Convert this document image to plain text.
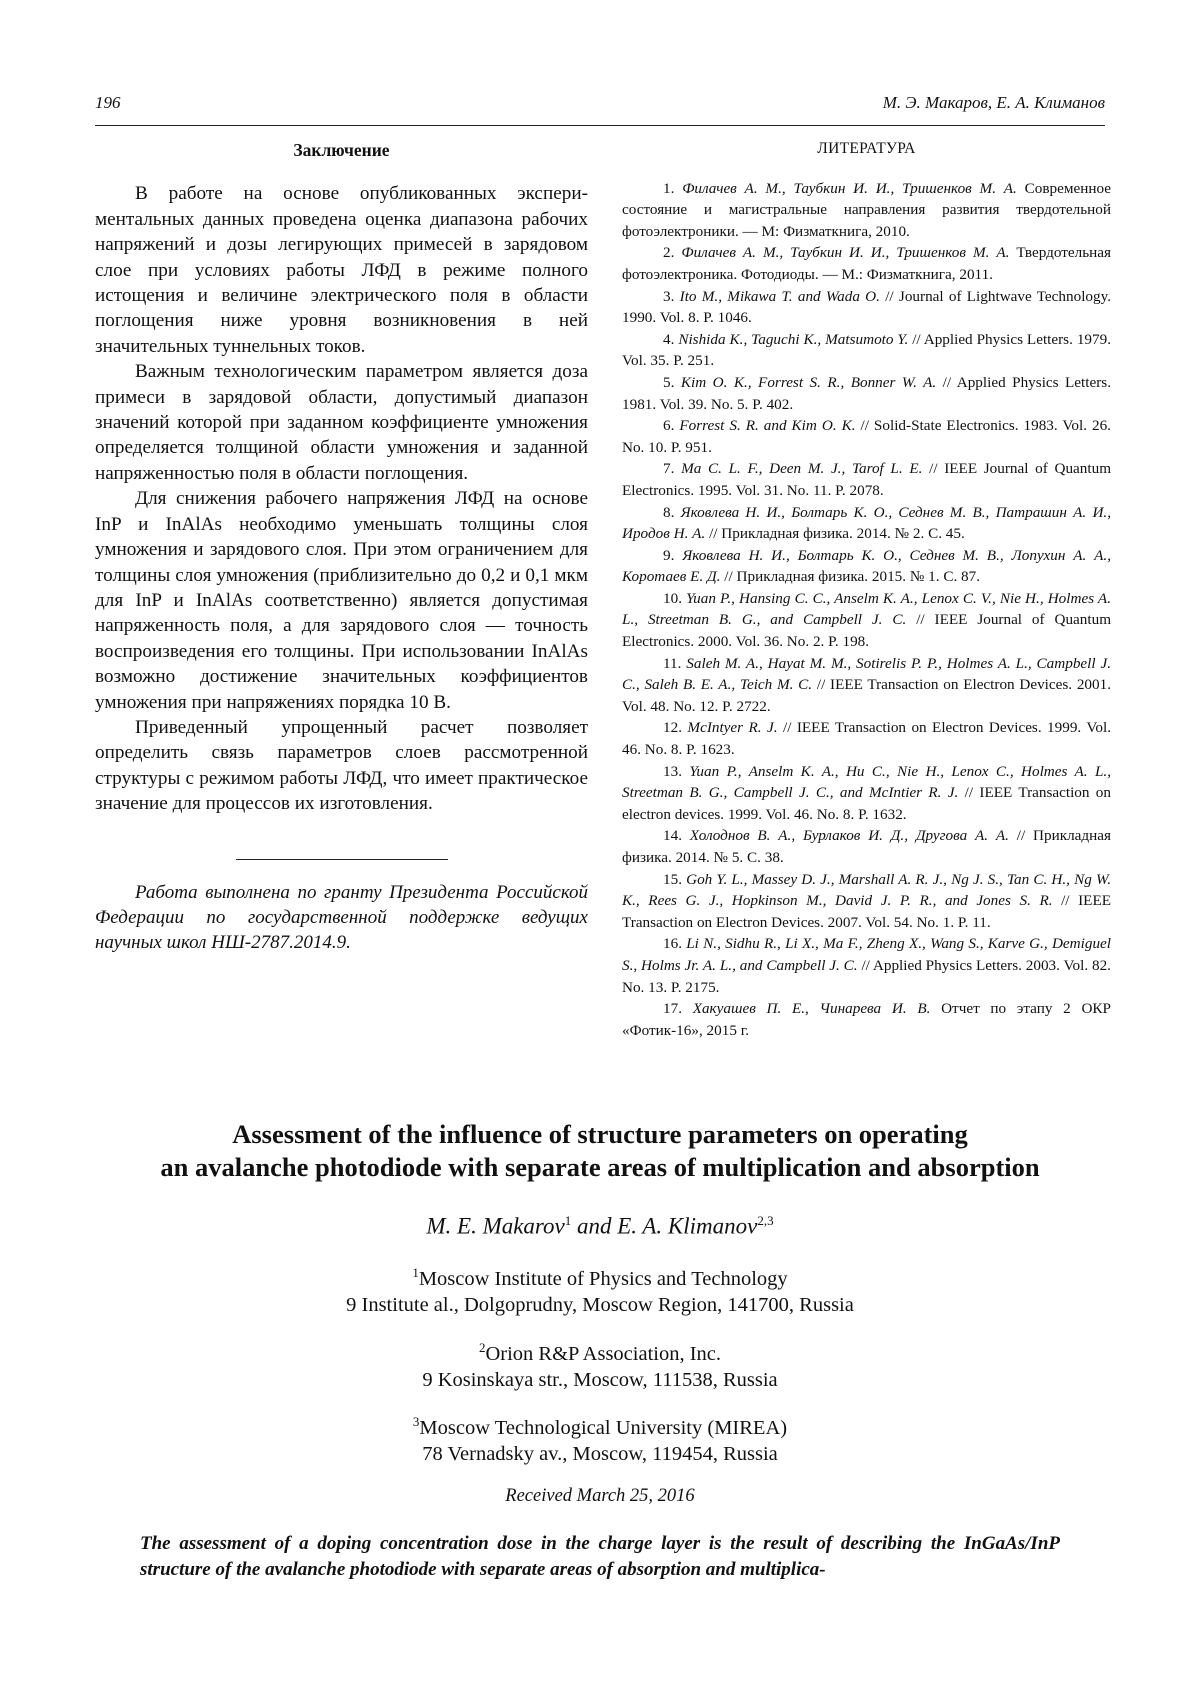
196	М. Э. Макаров, Е. А. Климанов
Заключение

В работе на основе опубликованных экспериментальных данных проведена оценка диапазона рабочих напряжений и дозы легирующих примесей в зарядовом слое при условиях работы ЛФД в режиме полного истощения и величине электрического поля в области поглощения ниже уровня возникновения в ней значительных туннельных токов.

Важным технологическим параметром является доза примеси в зарядовой области, допустимый диапазон значений которой при заданном коэффициенте умножения определяется толщиной области умножения и заданной напряженностью поля в области поглощения.

Для снижения рабочего напряжения ЛФД на основе InP и InAlAs необходимо уменьшать толщины слоя умножения и зарядового слоя. При этом ограничением для толщины слоя умножения (приблизительно до 0,2 и 0,1 мкм для InP и InAlAs соответственно) является допустимая напряженность поля, а для зарядового слоя — точность воспроизведения его толщины. При использовании InAlAs возможно достижение значительных коэффициентов умножения при напряжениях порядка 10 В.

Приведенный упрощенный расчет позволяет определить связь параметров слоев рассмотренной структуры с режимом работы ЛФД, что имеет практическое значение для процессов их изготовления.

Работа выполнена по гранту Президента Российской Федерации по государственной поддержке ведущих научных школ НШ-2787.2014.9.
ЛИТЕРАТУРА

1. Филачев А. М., Таубкин И. И., Тришенков М. А. Современное состояние и магистральные направления развития твердотельной фотоэлектроники. — М: Физматкнига, 2010.

2. Филачев А. М., Таубкин И. И., Тришенков М. А. Твердотельная фотоэлектроника. Фотодиоды. — М.: Физматкнига, 2011.

3. Ito M., Mikawa T. and Wada O. // Journal of Lightwave Technology. 1990. Vol. 8. P. 1046.

4. Nishida K., Taguchi K., Matsumoto Y. // Applied Physics Letters. 1979. Vol. 35. P. 251.

5. Kim O. K., Forrest S. R., Bonner W. A. // Applied Physics Letters. 1981. Vol. 39. No. 5. P. 402.

6. Forrest S. R. and Kim O. K. // Solid-State Electronics. 1983. Vol. 26. No. 10. P. 951.

7. Ma C. L. F., Deen M. J., Tarof L. E. // IEEE Journal of Quantum Electronics. 1995. Vol. 31. No. 11. P. 2078.

8. Яковлева Н. И., Болтарь К. О., Седнев М. В., Патрашин А. И., Иродов Н. А. // Прикладная физика. 2014. № 2. С. 45.

9. Яковлева Н. И., Болтарь К. О., Седнев М. В., Лопухин А. А., Коротаев Е. Д. // Прикладная физика. 2015. № 1. С. 87.

10. Yuan P., Hansing C. C., Anselm K. A., Lenox C. V., Nie H., Holmes A. L., Streetman B. G., and Campbell J. C. // IEEE Journal of Quantum Electronics. 2000. Vol. 36. No. 2. P. 198.

11. Saleh M. A., Hayat M. M., Sotirelis P. P., Holmes A. L., Campbell J. C., Saleh B. E. A., Teich M. C. // IEEE Transaction on Electron Devices. 2001. Vol. 48. No. 12. P. 2722.

12. McIntyer R. J. // IEEE Transaction on Electron Devices. 1999. Vol. 46. No. 8. P. 1623.

13. Yuan P., Anselm K. A., Hu C., Nie H., Lenox C., Holmes A. L., Streetman B. G., Campbell J. C., and McIntier R. J. // IEEE Transaction on electron devices. 1999. Vol. 46. No. 8. P. 1632.

14. Холоднов В. А., Бурлаков И. Д., Другова А. А. // Прикладная физика. 2014. № 5. С. 38.

15. Goh Y. L., Massey D. J., Marshall A. R. J., Ng J. S., Tan C. H., Ng W. K., Rees G. J., Hopkinson M., David J. P. R., and Jones S. R. // IEEE Transaction on Electron Devices. 2007. Vol. 54. No. 1. P. 11.

16. Li N., Sidhu R., Li X., Ma F., Zheng X., Wang S., Karve G., Demiguel S., Holms Jr. A. L., and Campbell J. C. // Applied Physics Letters. 2003. Vol. 82. No. 13. P. 2175.

17. Хакуашев П. Е., Чинарева И. В. Отчет по этапу 2 ОКР «Фотик-16», 2015 г.

Assessment of the influence of structure parameters on operating
an avalanche photodiode with separate areas of multiplication and absorption
M. E. Makarov$^1$ and E. A. Klimanov$^{2,3}$
$^1$Moscow Institute of Physics and Technology
9 Institute al., Dolgoprudny, Moscow Region, 141700, Russia
$^2$Orion R&P Association, Inc.
9 Kosinskaya str., Moscow, 111538, Russia
$^3$Moscow Technological University (MIREA)
78 Vernadsky av., Moscow, 119454, Russia
Received March 25, 2016
The assessment of a doping concentration dose in the charge layer is the result of describing the InGaAs/InP structure of the avalanche photodiode with separate areas of absorption and multiplica-
